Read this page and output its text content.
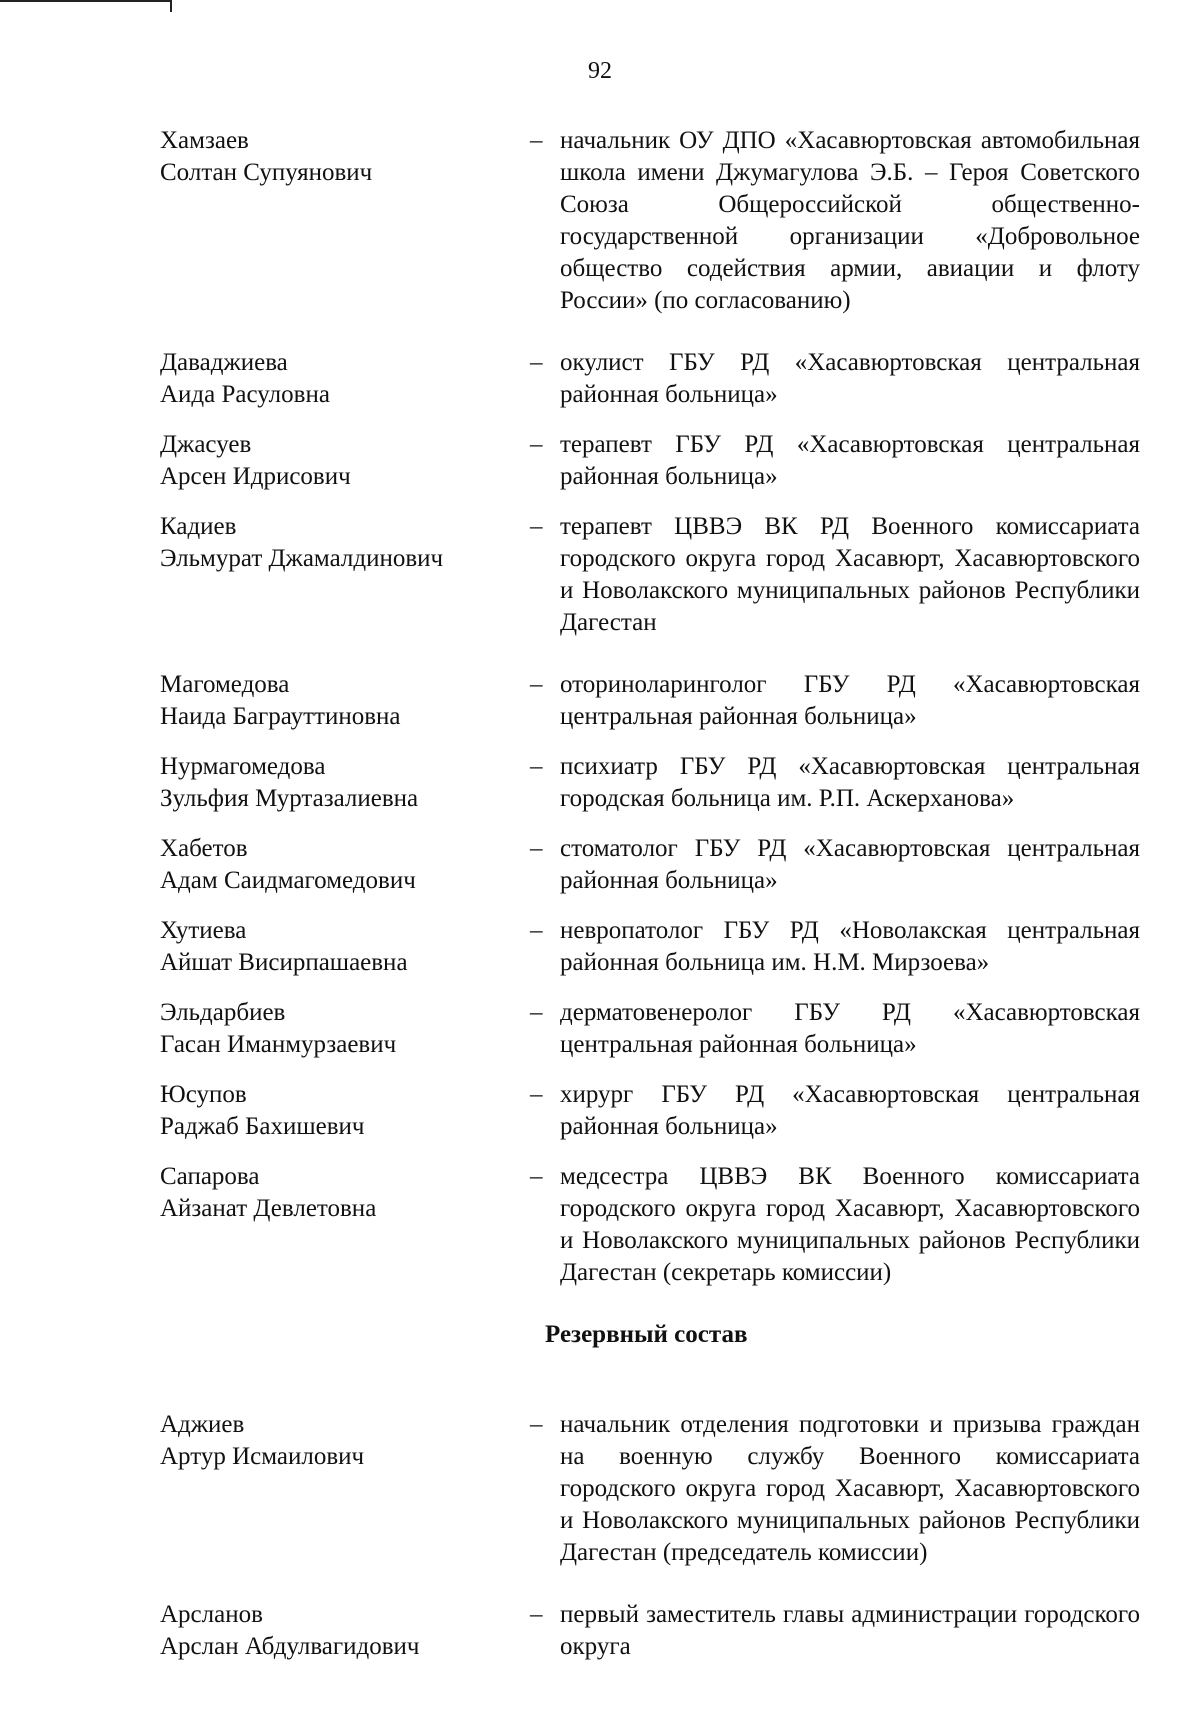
92
Хамзаев
Солтан Супуянович
– начальник ОУ ДПО «Хасавюртовская автомобильная школа имени Джумагулова Э.Б. – Героя Советского Союза Общероссийской общественно-государственной организации «Добровольное общество содействия армии, авиации и флоту России» (по согласованию)
Даваджиева
Аида Расуловна
– окулист ГБУ РД «Хасавюртовская центральная районная больница»
Джасуев
Арсен Идрисович
– терапевт ГБУ РД «Хасавюртовская центральная районная больница»
Кадиев
Эльмурат Джамалдинович
– терапевт ЦВВЭ ВК РД Военного комиссариата городского округа город Хасавюрт, Хасавюртовского и Новолакского муниципальных районов Республики Дагестан
Магомедова
Наида Баграуттиновна
– оториноларинголог ГБУ РД «Хасавюртовская центральная районная больница»
Нурмагомедова
Зульфия Муртазалиевна
– психиатр ГБУ РД «Хасавюртовская центральная городская больница им. Р.П. Аскерханова»
Хабетов
Адам Саидмагомедович
– стоматолог ГБУ РД «Хасавюртовская центральная районная больница»
Хутиева
Айшат Висирпашаевна
– невропатолог ГБУ РД «Новолакская центральная районная больница им. Н.М. Мирзоева»
Эльдарбиев
Гасан Иманмурзаевич
– дерматовенеролог ГБУ РД «Хасавюртовская центральная районная больница»
Юсупов
Раджаб Бахишевич
– хирург ГБУ РД «Хасавюртовская центральная районная больница»
Сапарова
Айзанат Девлетовна
– медсестра ЦВВЭ ВК Военного комиссариата городского округа город Хасавюрт, Хасавюртовского и Новолакского муниципальных районов Республики Дагестан (секретарь комиссии)
Резервный состав
Аджиев
Артур Исмаилович
– начальник отделения подготовки и призыва граждан на военную службу Военного комиссариата городского округа город Хасавюрт, Хасавюртовского и Новолакского муниципальных районов Республики Дагестан (председатель комиссии)
Арсланов
Арслан Абдулвагидович
– первый заместитель главы администрации городского округа
